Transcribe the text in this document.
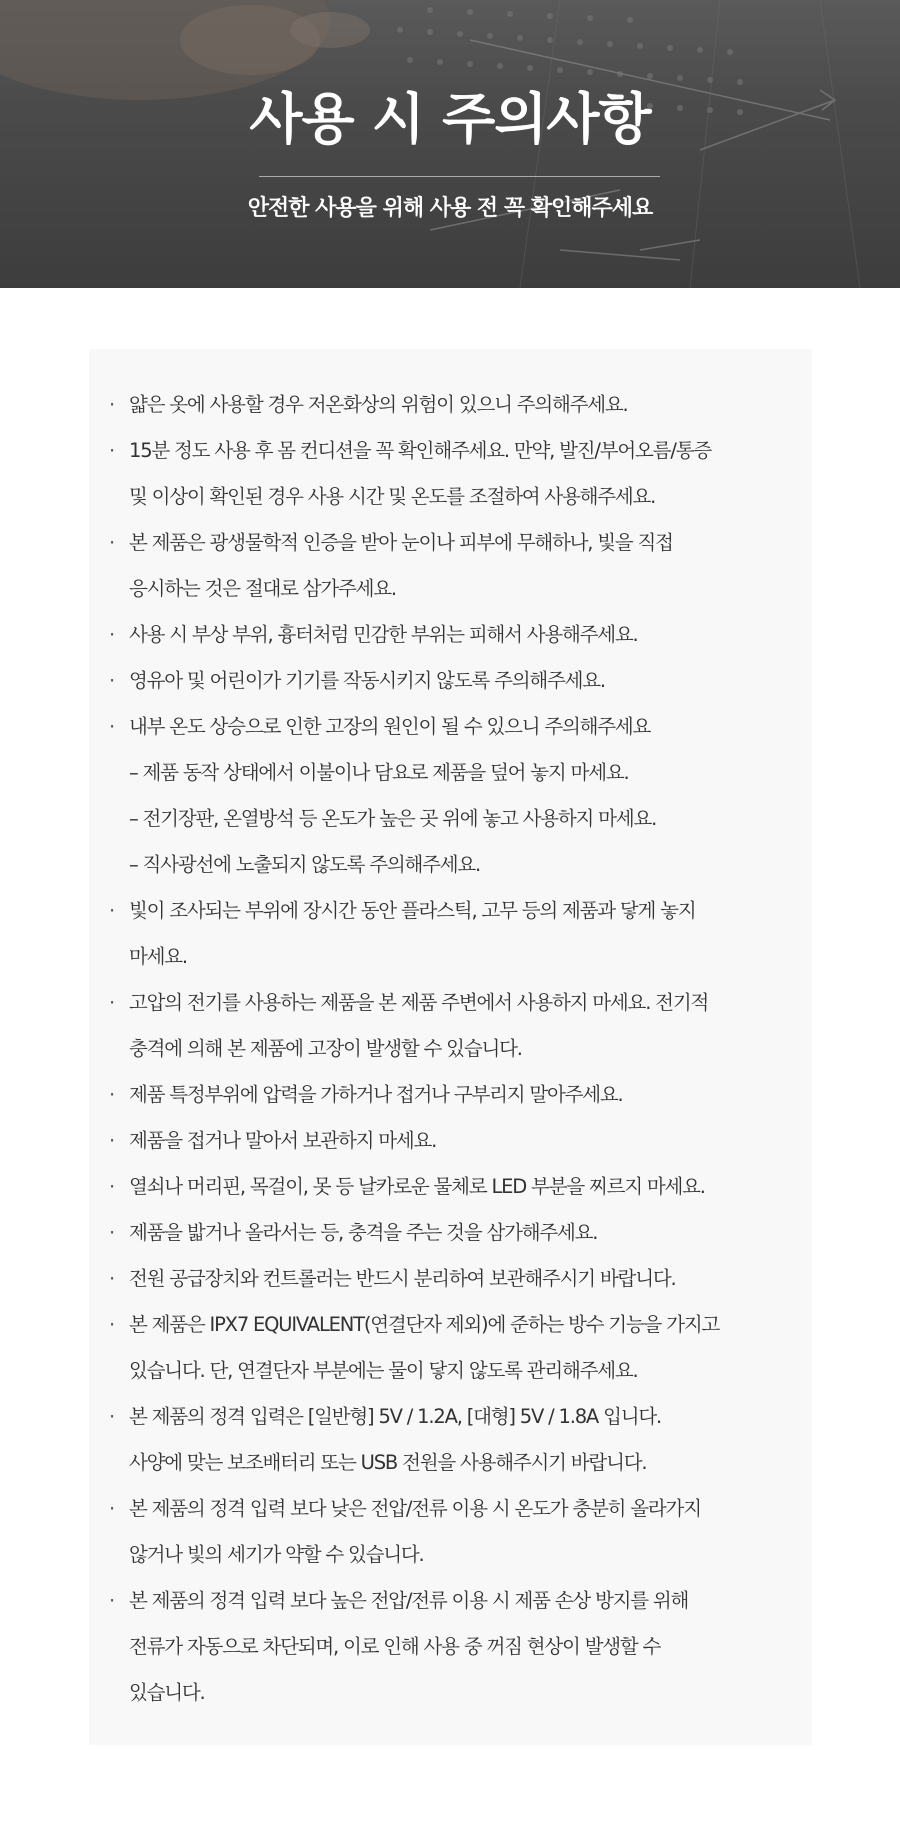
사용 시 주의사항
안전한 사용을 위해 사용 전 꼭 확인해주세요
· 얇은 옷에 사용할 경우 저온화상의 위험이 있으니 주의해주세요.
· 15분 정도 사용 후 몸 컨디션을 꼭 확인해주세요. 만약, 발진/부어오름/통증
및 이상이 확인된 경우 사용 시간 및 온도를 조절하여 사용해주세요.
· 본 제품은 광생물학적 인증을 받아 눈이나 피부에 무해하나, 빛을 직접
응시하는 것은 절대로 삼가주세요.
· 사용 시 부상 부위, 흉터처럼 민감한 부위는 피해서 사용해주세요.
· 영유아 및 어린이가 기기를 작동시키지 않도록 주의해주세요.
· 내부 온도 상승으로 인한 고장의 원인이 될 수 있으니 주의해주세요
– 제품 동작 상태에서 이불이나 담요로 제품을 덮어 놓지 마세요.
– 전기장판, 온열방석 등 온도가 높은 곳 위에 놓고 사용하지 마세요.
– 직사광선에 노출되지 않도록 주의해주세요.
· 빛이 조사되는 부위에 장시간 동안 플라스틱, 고무 등의 제품과 닿게 놓지
마세요.
· 고압의 전기를 사용하는 제품을 본 제품 주변에서 사용하지 마세요. 전기적
충격에 의해 본 제품에 고장이 발생할 수 있습니다.
· 제품 특정부위에 압력을 가하거나 접거나 구부리지 말아주세요.
· 제품을 접거나 말아서 보관하지 마세요.
· 열쇠나 머리핀, 목걸이, 못 등 날카로운 물체로 LED 부분을 찌르지 마세요.
· 제품을 밟거나 올라서는 등, 충격을 주는 것을 삼가해주세요.
· 전원 공급장치와 컨트롤러는 반드시 분리하여 보관해주시기 바랍니다.
· 본 제품은 IPX7 EQUIVALENT(연결단자 제외)에 준하는 방수 기능을 가지고
있습니다. 단, 연결단자 부분에는 물이 닿지 않도록 관리해주세요.
· 본 제품의 정격 입력은 [일반형] 5V / 1.2A, [대형] 5V / 1.8A 입니다.
사양에 맞는 보조배터리 또는 USB 전원을 사용해주시기 바랍니다.
· 본 제품의 정격 입력 보다 낮은 전압/전류 이용 시 온도가 충분히 올라가지
않거나 빛의 세기가 약할 수 있습니다.
· 본 제품의 정격 입력 보다 높은 전압/전류 이용 시 제품 손상 방지를 위해
전류가 자동으로 차단되며, 이로 인해 사용 중 꺼짐 현상이 발생할 수
있습니다.
